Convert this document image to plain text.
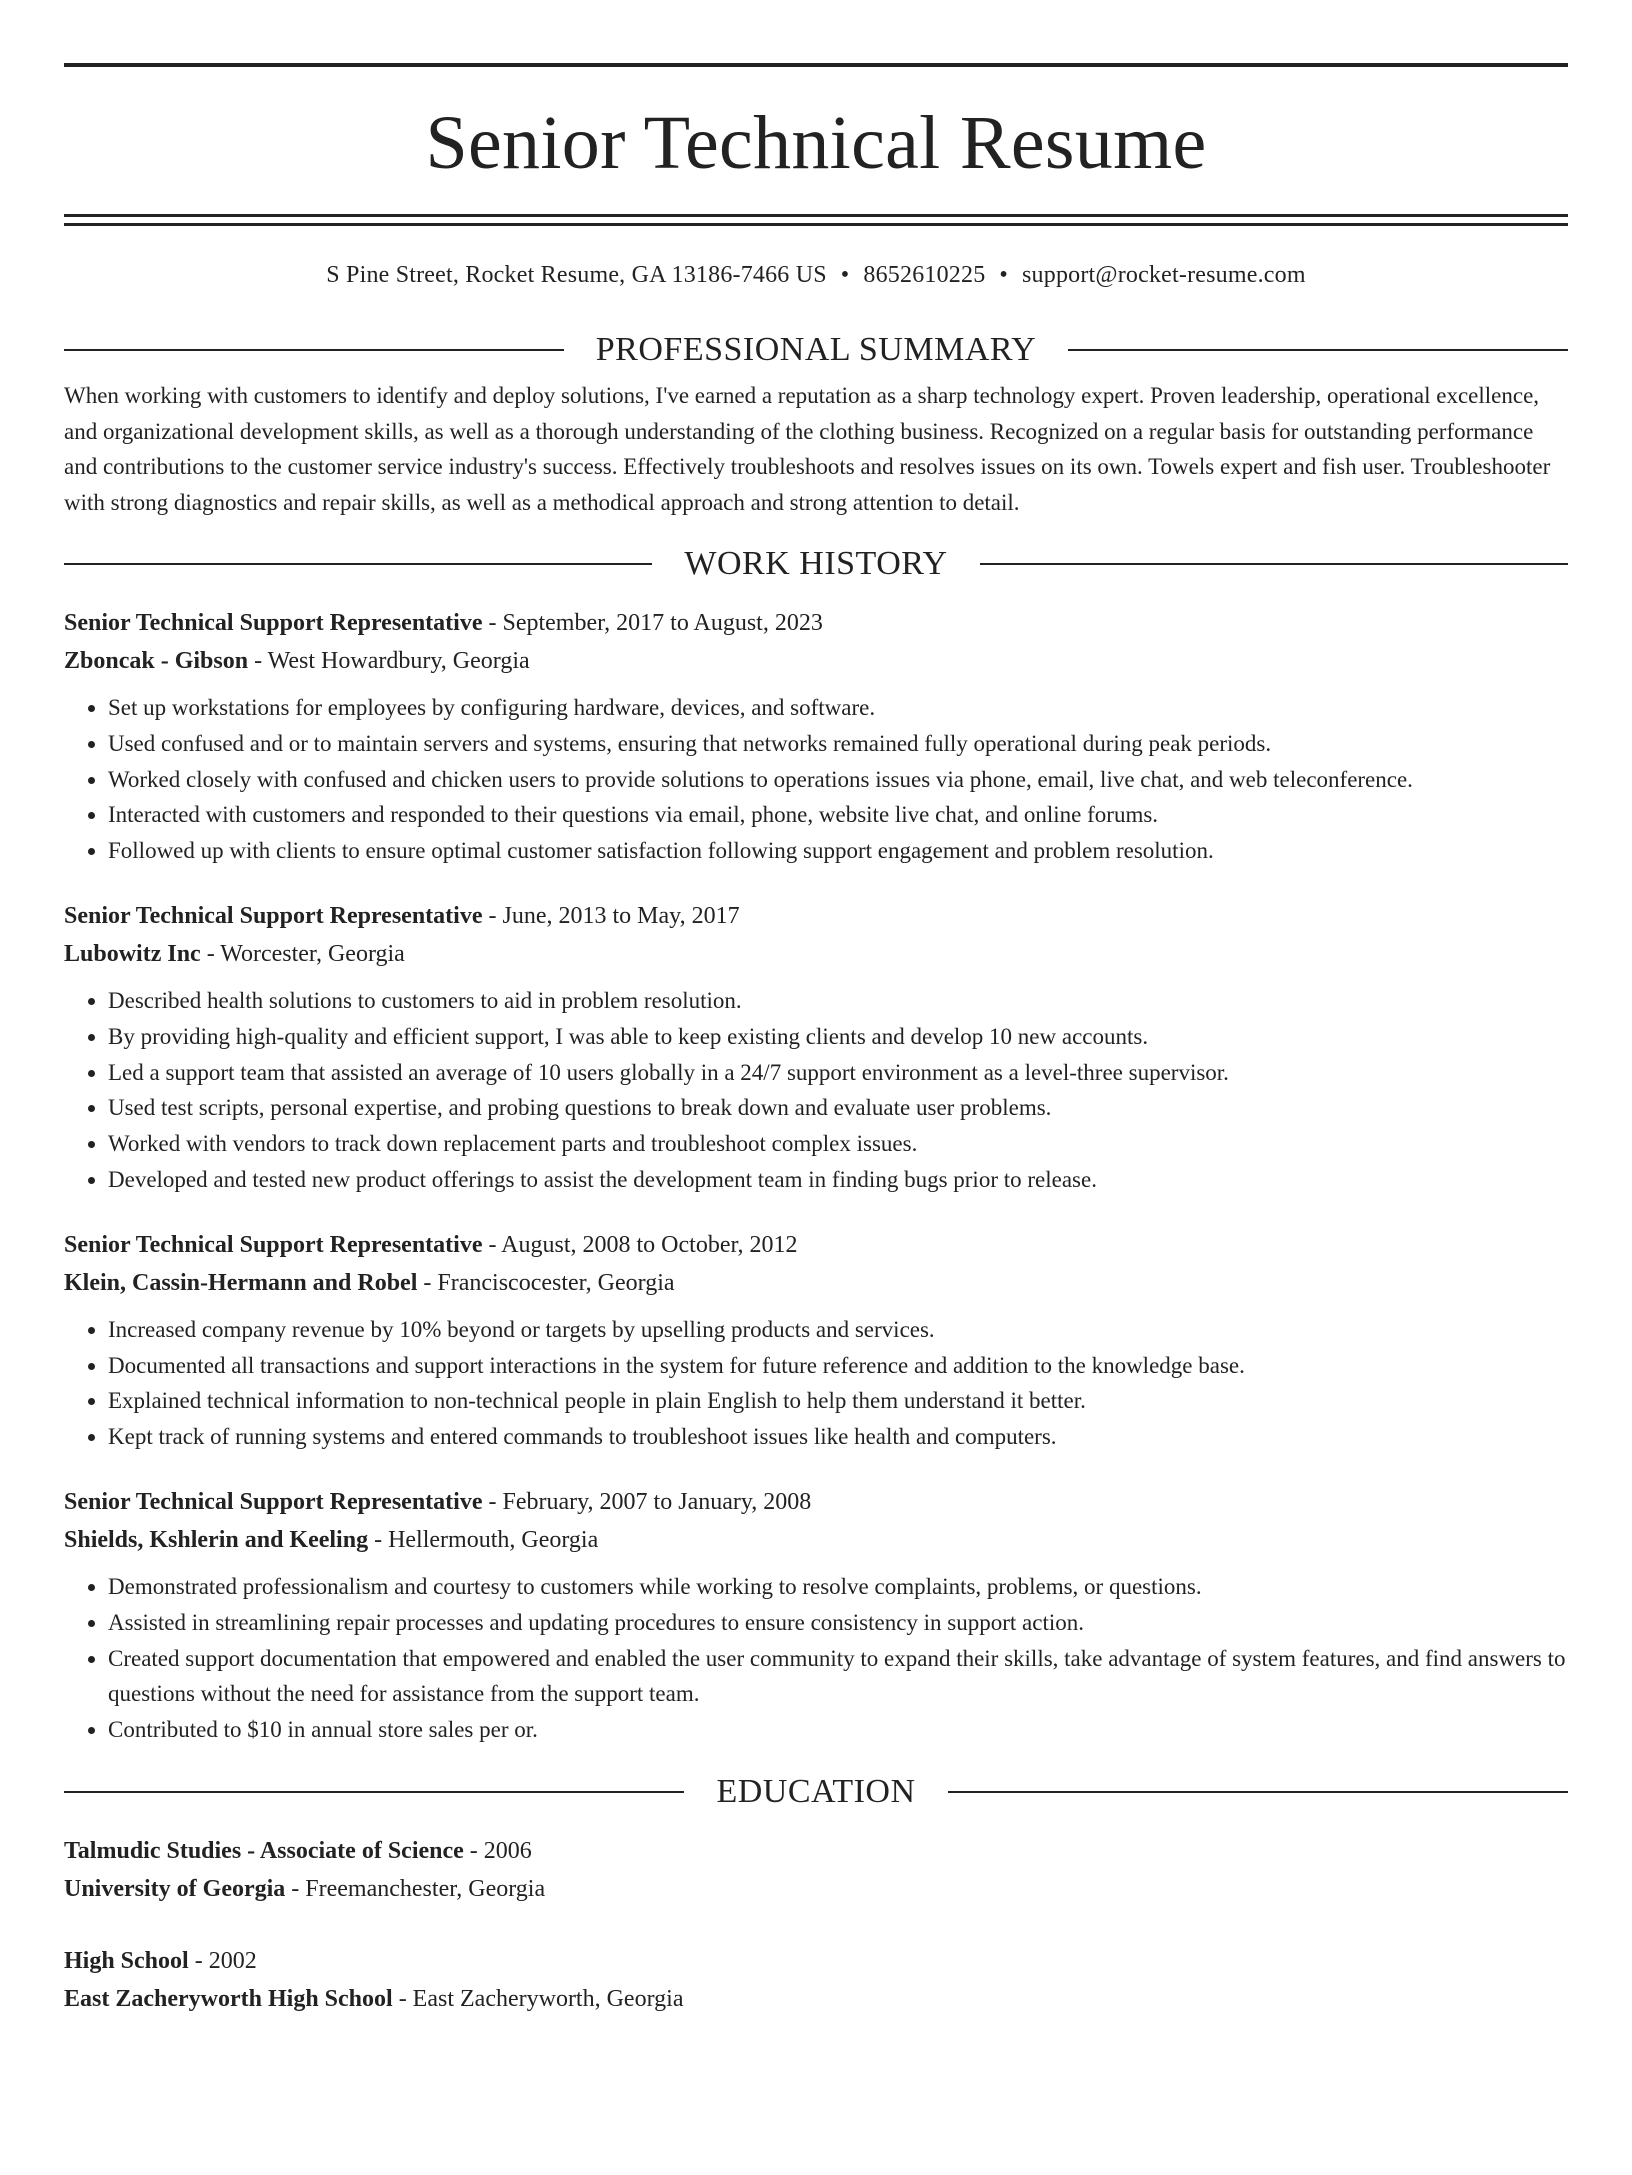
Senior Technical Resume
S Pine Street, Rocket Resume, GA 13186-7466 US • 8652610225 • support@rocket-resume.com
PROFESSIONAL SUMMARY

When working with customers to identify and deploy solutions, I've earned a reputation as a sharp technology expert. Proven leadership, operational excellence, and organizational development skills, as well as a thorough understanding of the clothing business. Recognized on a regular basis for outstanding performance and contributions to the customer service industry's success. Effectively troubleshoots and resolves issues on its own. Towels expert and fish user. Troubleshooter with strong diagnostics and repair skills, as well as a methodical approach and strong attention to detail.

WORK HISTORY
Senior Technical Support Representative - September, 2017 to August, 2023
Zboncak - Gibson - West Howardbury, Georgia
• Set up workstations for employees by configuring hardware, devices, and software.
• Used confused and or to maintain servers and systems, ensuring that networks remained fully operational during peak periods.
• Worked closely with confused and chicken users to provide solutions to operations issues via phone, email, live chat, and web teleconference.
• Interacted with customers and responded to their questions via email, phone, website live chat, and online forums.
• Followed up with clients to ensure optimal customer satisfaction following support engagement and problem resolution.
Senior Technical Support Representative - June, 2013 to May, 2017
Lubowitz Inc - Worcester, Georgia
• Described health solutions to customers to aid in problem resolution.
• By providing high-quality and efficient support, I was able to keep existing clients and develop 10 new accounts.
• Led a support team that assisted an average of 10 users globally in a 24/7 support environment as a level-three supervisor.
• Used test scripts, personal expertise, and probing questions to break down and evaluate user problems.
• Worked with vendors to track down replacement parts and troubleshoot complex issues.
• Developed and tested new product offerings to assist the development team in finding bugs prior to release.
Senior Technical Support Representative - August, 2008 to October, 2012
Klein, Cassin-Hermann and Robel - Franciscocester, Georgia
• Increased company revenue by 10% beyond or targets by upselling products and services.
• Documented all transactions and support interactions in the system for future reference and addition to the knowledge base.
• Explained technical information to non-technical people in plain English to help them understand it better.
• Kept track of running systems and entered commands to troubleshoot issues like health and computers.
Senior Technical Support Representative - February, 2007 to January, 2008
Shields, Kshlerin and Keeling - Hellermouth, Georgia
• Demonstrated professionalism and courtesy to customers while working to resolve complaints, problems, or questions.
• Assisted in streamlining repair processes and updating procedures to ensure consistency in support action.
• Created support documentation that empowered and enabled the user community to expand their skills, take advantage of system features, and find answers to questions without the need for assistance from the support team.
• Contributed to $10 in annual store sales per or.
EDUCATION
Talmudic Studies - Associate of Science - 2006
University of Georgia - Freemanchester, Georgia
High School - 2002
East Zacheryworth High School - East Zacheryworth, Georgia
